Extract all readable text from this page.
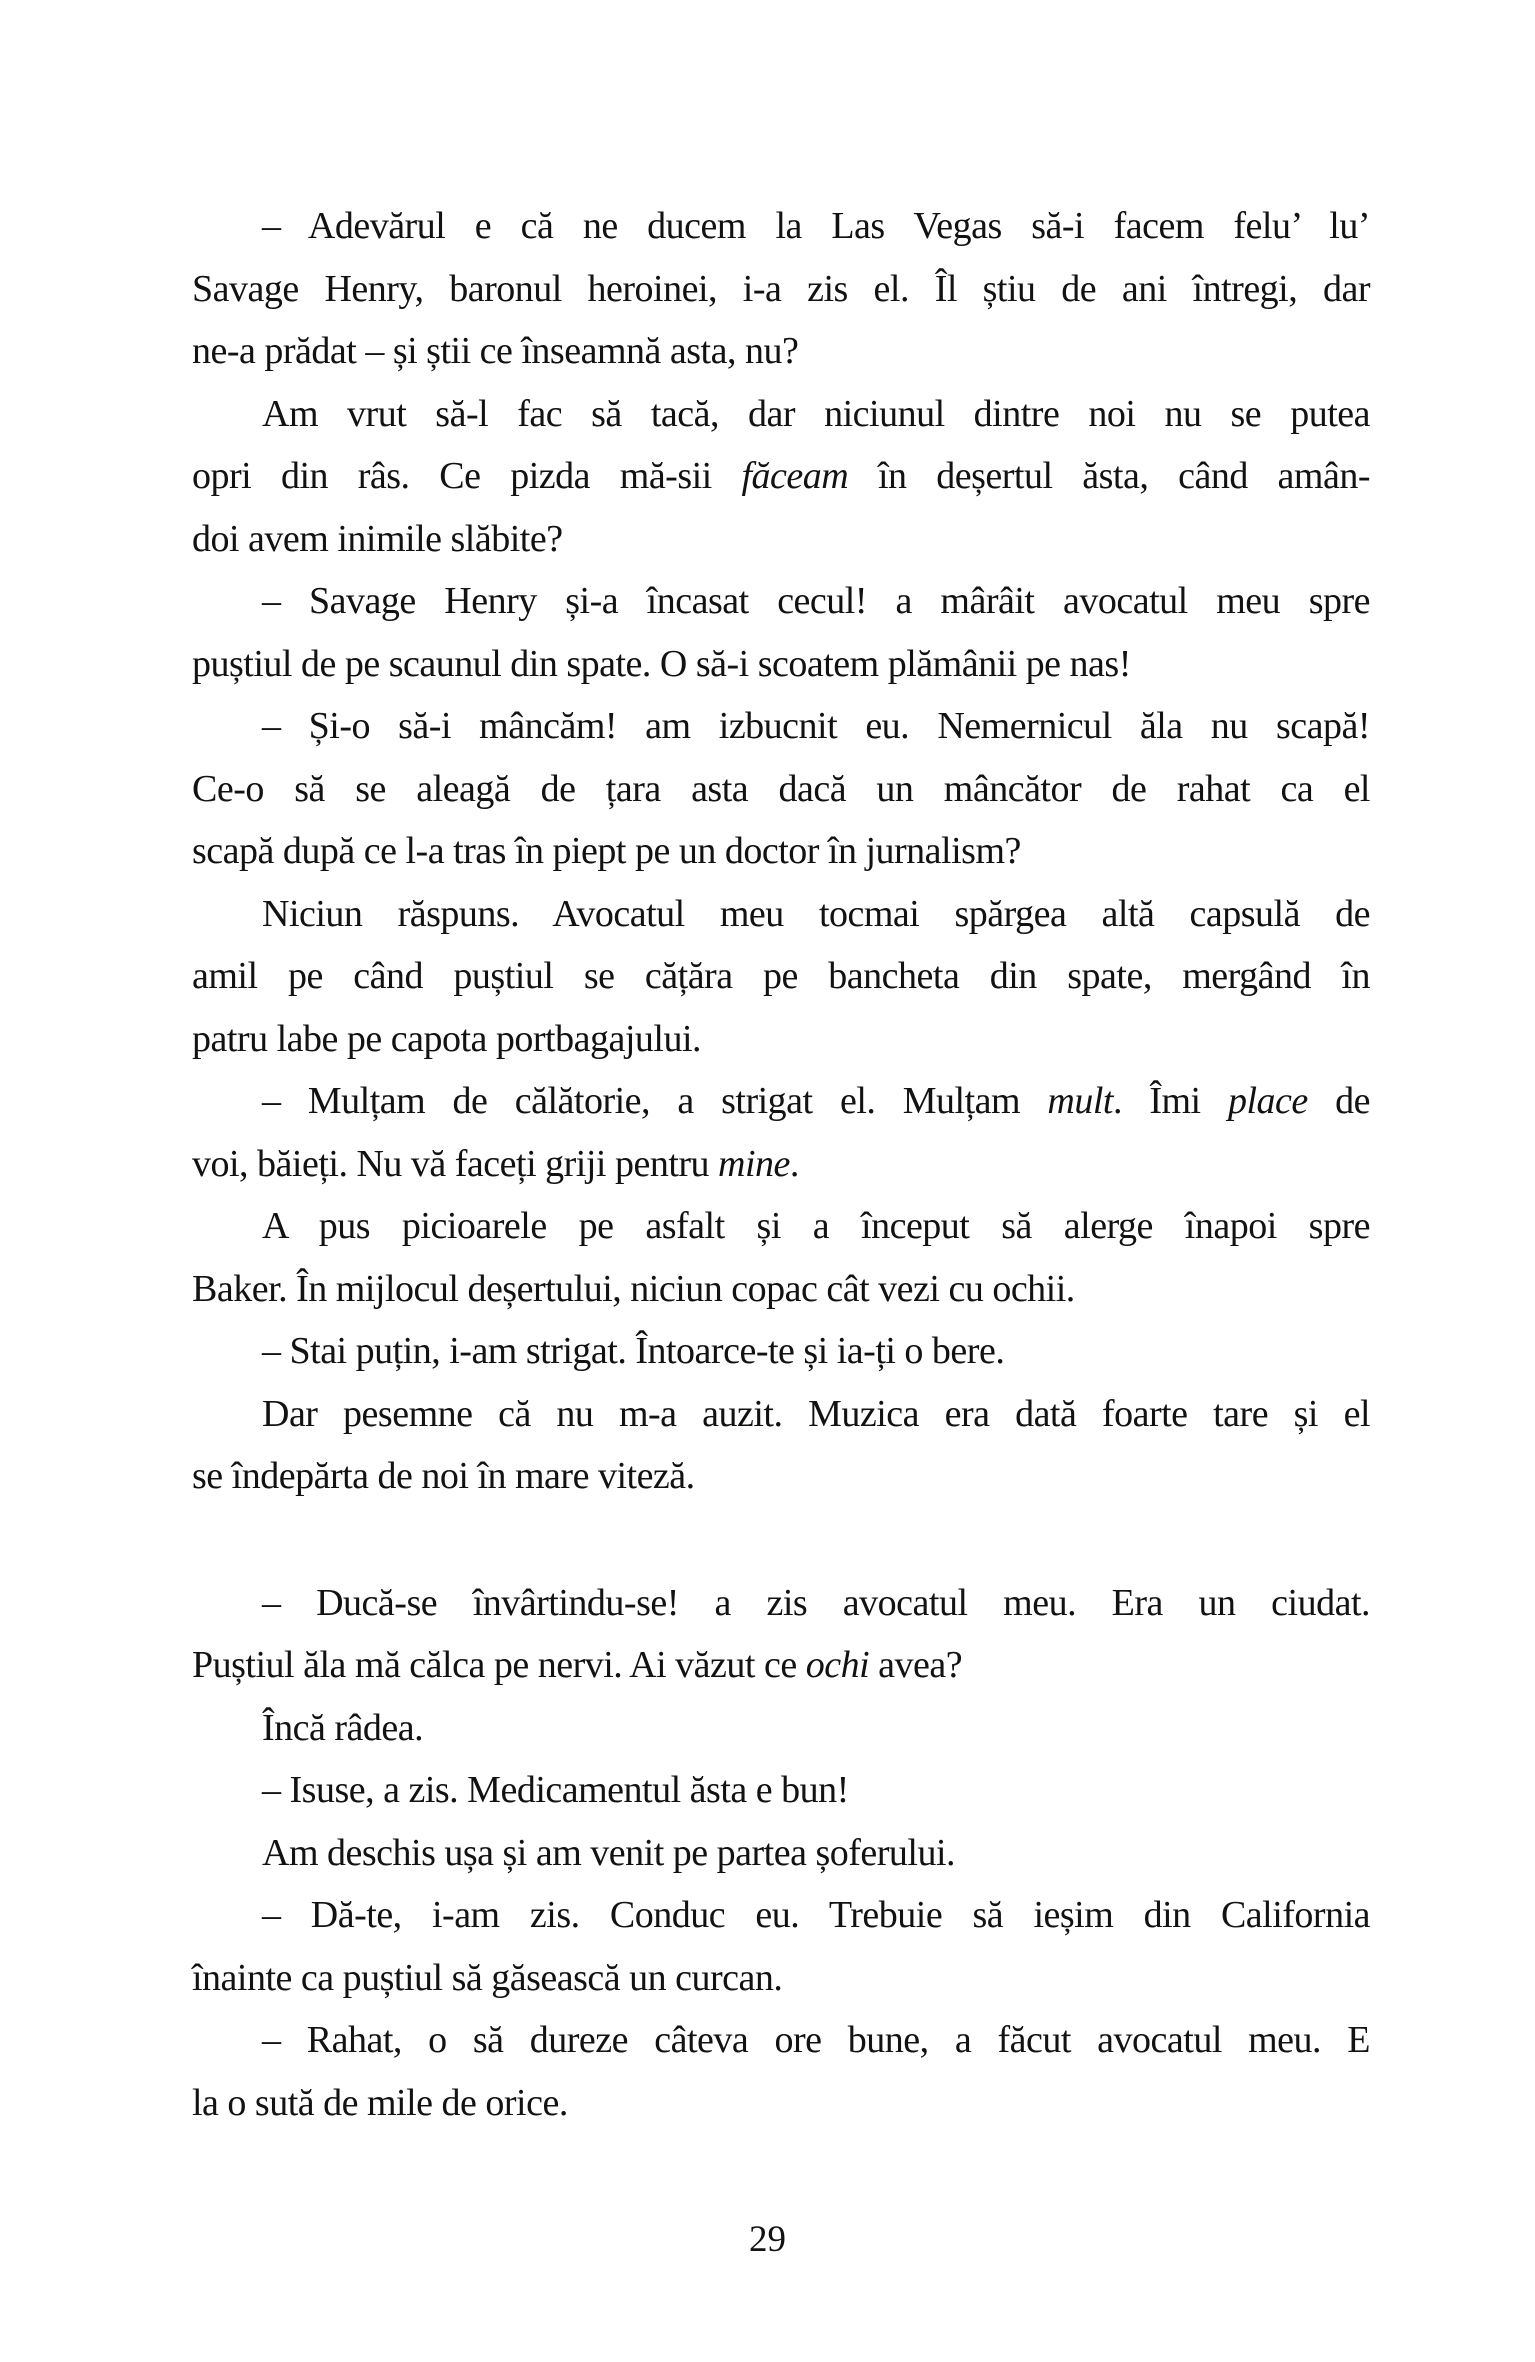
– Adevărul e că ne ducem la Las Vegas să-i facem felu’ lu’
Savage Henry, baronul heroinei, i-a zis el. Îl știu de ani întregi, dar
ne-a prădat – și știi ce înseamnă asta, nu?
Am vrut să-l fac să tacă, dar niciunul dintre noi nu se putea
opri din râs. Ce pizda mă-sii făceam în deșertul ăsta, când amân-
doi avem inimile slăbite?
– Savage Henry și-a încasat cecul! a mârâit avocatul meu spre
puștiul de pe scaunul din spate. O să-i scoatem plămânii pe nas!
– Și-o să-i mâncăm! am izbucnit eu. Nemernicul ăla nu scapă!
Ce-o să se aleagă de țara asta dacă un mâncător de rahat ca el
scapă după ce l-a tras în piept pe un doctor în jurnalism?
Niciun răspuns. Avocatul meu tocmai spărgea altă capsulă de
amil pe când puștiul se cățăra pe bancheta din spate, mergând în
patru labe pe capota portbagajului.
– Mulțam de călătorie, a strigat el. Mulțam mult. Îmi place de
voi, băieți. Nu vă faceți griji pentru mine.
A pus picioarele pe asfalt și a început să alerge înapoi spre
Baker. În mijlocul deșertului, niciun copac cât vezi cu ochii.
– Stai puțin, i-am strigat. Întoarce-te și ia-ți o bere.
Dar pesemne că nu m-a auzit. Muzica era dată foarte tare și el
se îndepărta de noi în mare viteză.
– Ducă-se învârtindu-se! a zis avocatul meu. Era un ciudat.
Puștiul ăla mă călca pe nervi. Ai văzut ce ochi avea?
Încă râdea.
– Isuse, a zis. Medicamentul ăsta e bun!
Am deschis ușa și am venit pe partea șoferului.
– Dă-te, i-am zis. Conduc eu. Trebuie să ieșim din California
înainte ca puștiul să găsească un curcan.
– Rahat, o să dureze câteva ore bune, a făcut avocatul meu. E
la o sută de mile de orice.
29
